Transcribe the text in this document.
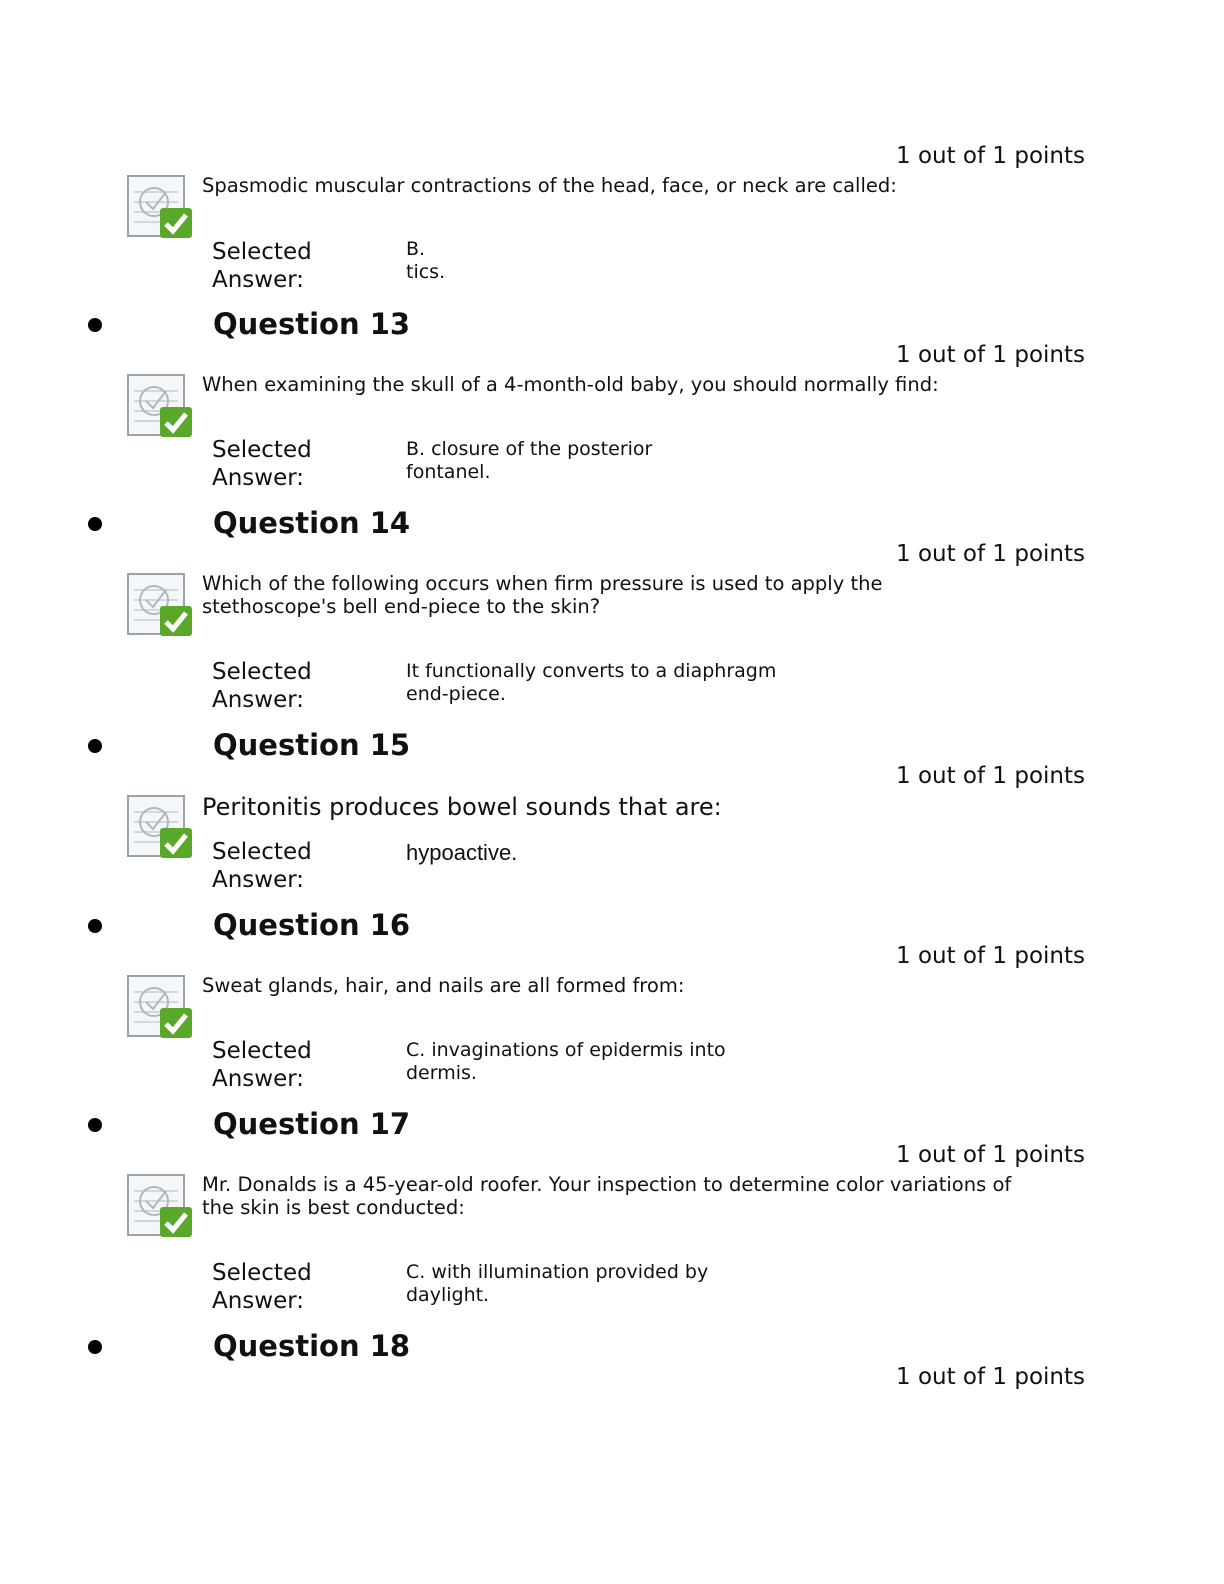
1 out of 1 points
Spasmodic muscular contractions of the head, face, or neck are called:
Selected Answer:
B.
tics.
Question 13
1 out of 1 points
When examining the skull of a 4-month-old baby, you should normally find:
Selected Answer:
B. closure of the posterior fontanel.
Question 14
1 out of 1 points
Which of the following occurs when firm pressure is used to apply the stethoscope's bell end-piece to the skin?
Selected Answer:
It functionally converts to a diaphragm end-piece.
Question 15
1 out of 1 points
Peritonitis produces bowel sounds that are:
Selected Answer:
hypoactive.
Question 16
1 out of 1 points
Sweat glands, hair, and nails are all formed from:
Selected Answer:
C. invaginations of epidermis into dermis.
Question 17
1 out of 1 points
Mr. Donalds is a 45-year-old roofer. Your inspection to determine color variations of the skin is best conducted:
Selected Answer:
C. with illumination provided by daylight.
Question 18
1 out of 1 points
